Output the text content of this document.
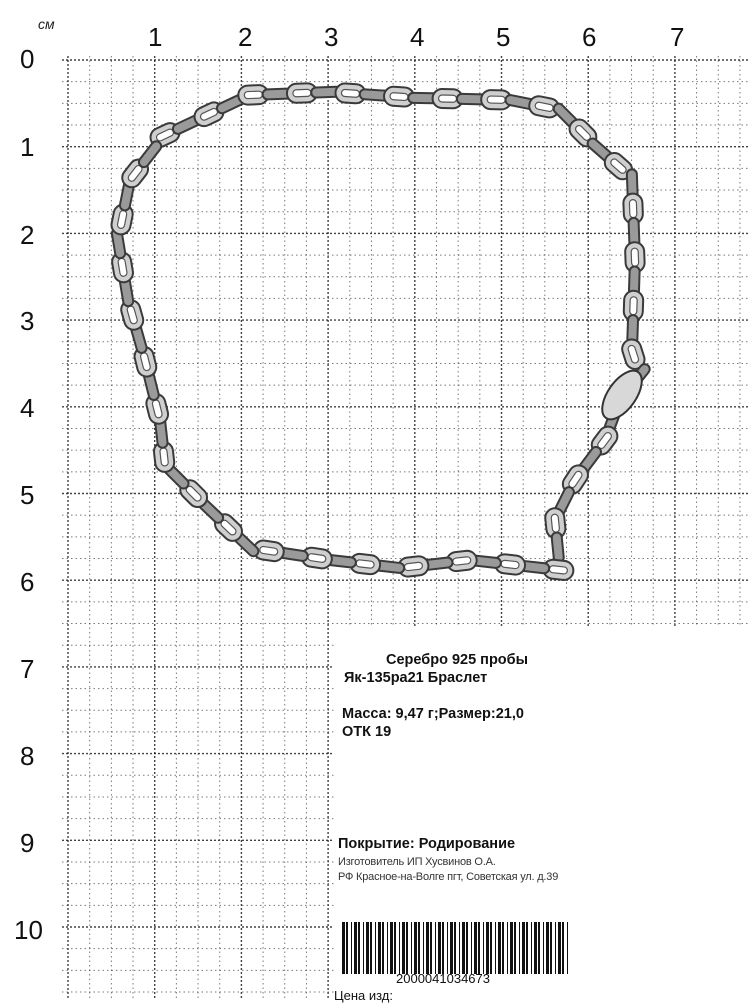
см	1	2	3	4	5	6	7
0
1
2
3
4
5
6
7
8
9
10
Серебро 925 пробы
Як-135ра21 Браслет
Масса: 9,47 г;Размер:21,0
ОТК 19
Покрытие: Родирование
Изготовитель ИП Хусвинов О.А.
РФ Красное-на-Волге пгт, Советская ул. д.39
2000041034673
Цена изд:
